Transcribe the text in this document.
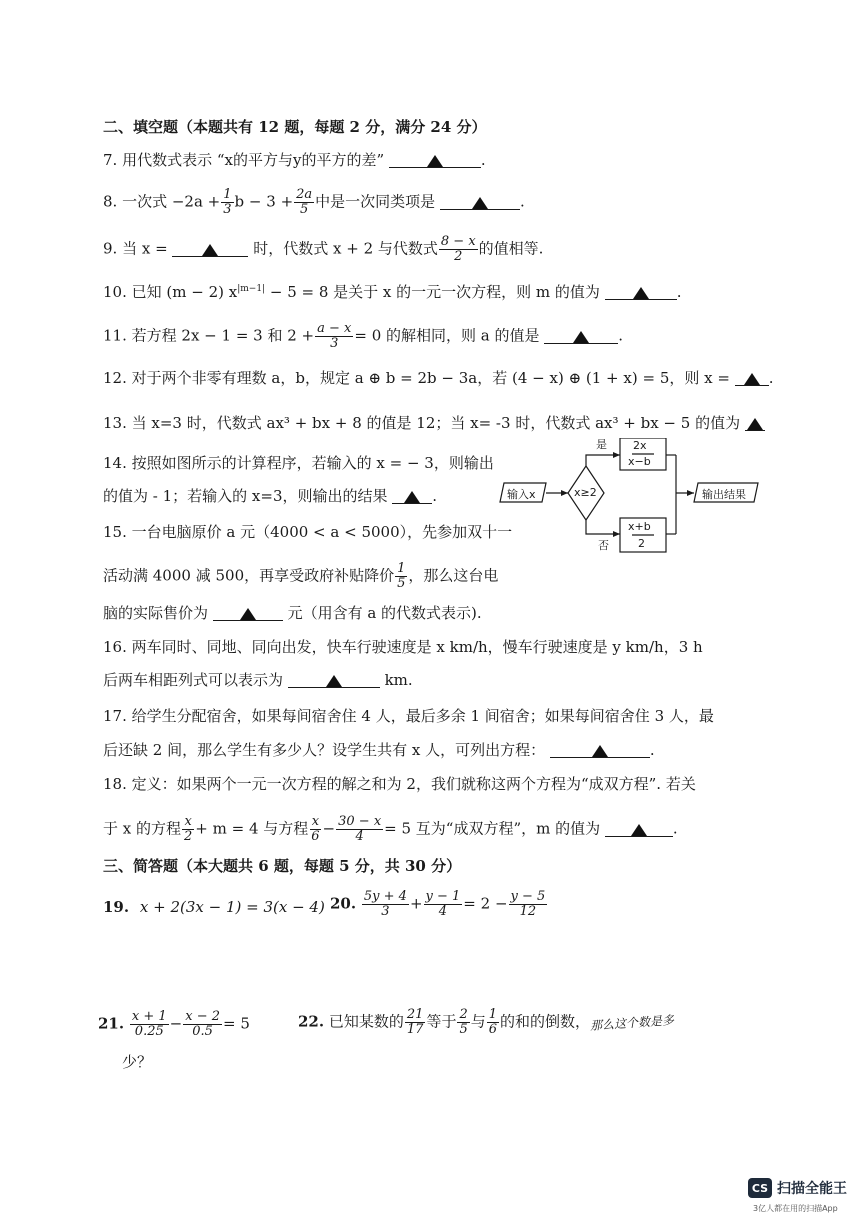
二、填空题（本题共有 12 题，每题 2 分，满分 24 分）
7. 用代数式表示 “x的平方与y的平方的差”	.
8. 一次式 $-2a + \frac{1}{3}$ $b - 3 + \frac{2a}{5}$ 中是一次同类项是	.
9. 当 x =	时，代数式 x + 2 与代数式 $\frac{8 - x}{2}$ 的值相等.
10. 已知 (m − 2) $x^{|m-1|} - 5 = 8$ 是关于 x 的一元一次方程，则 m 的值为	.
11. 若方程 2x − 1 = 3 和 $2 + \frac{a - x}{3} = 0$ 的解相同，则 a 的值是	.
12. 对于两个非零有理数 a，b，规定 a ⊕ b = 2b − 3a，若 (4 − x) ⊕ (1 + x) = 5，则 x =	.
13. 当 x=3 时，代数式 ax³ + bx + 8 的值是 12；当 x= -3 时，代数式 ax³ + bx − 5 的值为
14. 按照如图所示的计算程序，若输入的 x = − 3，则输出
的值为 - 1；若输入的 x=3，则输出的结果	.	输入x	x≥2
是
否
2x
x−b
x+b
2
输出结果
15. 一台电脑原价 a 元（4000 < a < 5000），先参加双十一
活动满 4000 减 500，再享受政府补贴降价 $\frac{1}{5}$ ，那么这台电
脑的实际售价为	元（用含有 a 的代数式表示).
16. 两车同时、同地、同向出发，快车行驶速度是 x km/h，慢车行驶速度是 y km/h，3 h
后两车相距列式可以表示为	km.
17. 给学生分配宿舍，如果每间宿舍住 4 人，最后多余 1 间宿舍；如果每间宿舍住 3 人，最
后还缺 2 间，那么学生有多少人？设学生共有 x 人，可列出方程：	.
18. 定义：如果两个一元一次方程的解之和为 2，我们就称这两个方程为“成双方程”. 若关
于 x 的方程 $\frac{x}{2} + m = 4$ 与方程 $\frac{x}{6} - \frac{30 - x}{4} = 5$ 互为“成双方程”，m 的值为	.
三、简答题（本大题共 6 题，每题 5 分，共 30 分）
19. x + 2(3x − 1) = 3(x − 4) 20. $\frac{5y + 4}{3} + \frac{y - 1}{4} = 2 - \frac{y - 5}{12}$
21. $\frac{x + 1}{0.25} - \frac{x - 2}{0.5} = 5$	22. 已知某数的 $\frac{21}{17}$ 等于 $\frac{2}{5}$ 与 $\frac{1}{6}$ 的和的倒数，那么这个数是多
少？
CS 扫描全能王
3亿人都在用的扫描App
